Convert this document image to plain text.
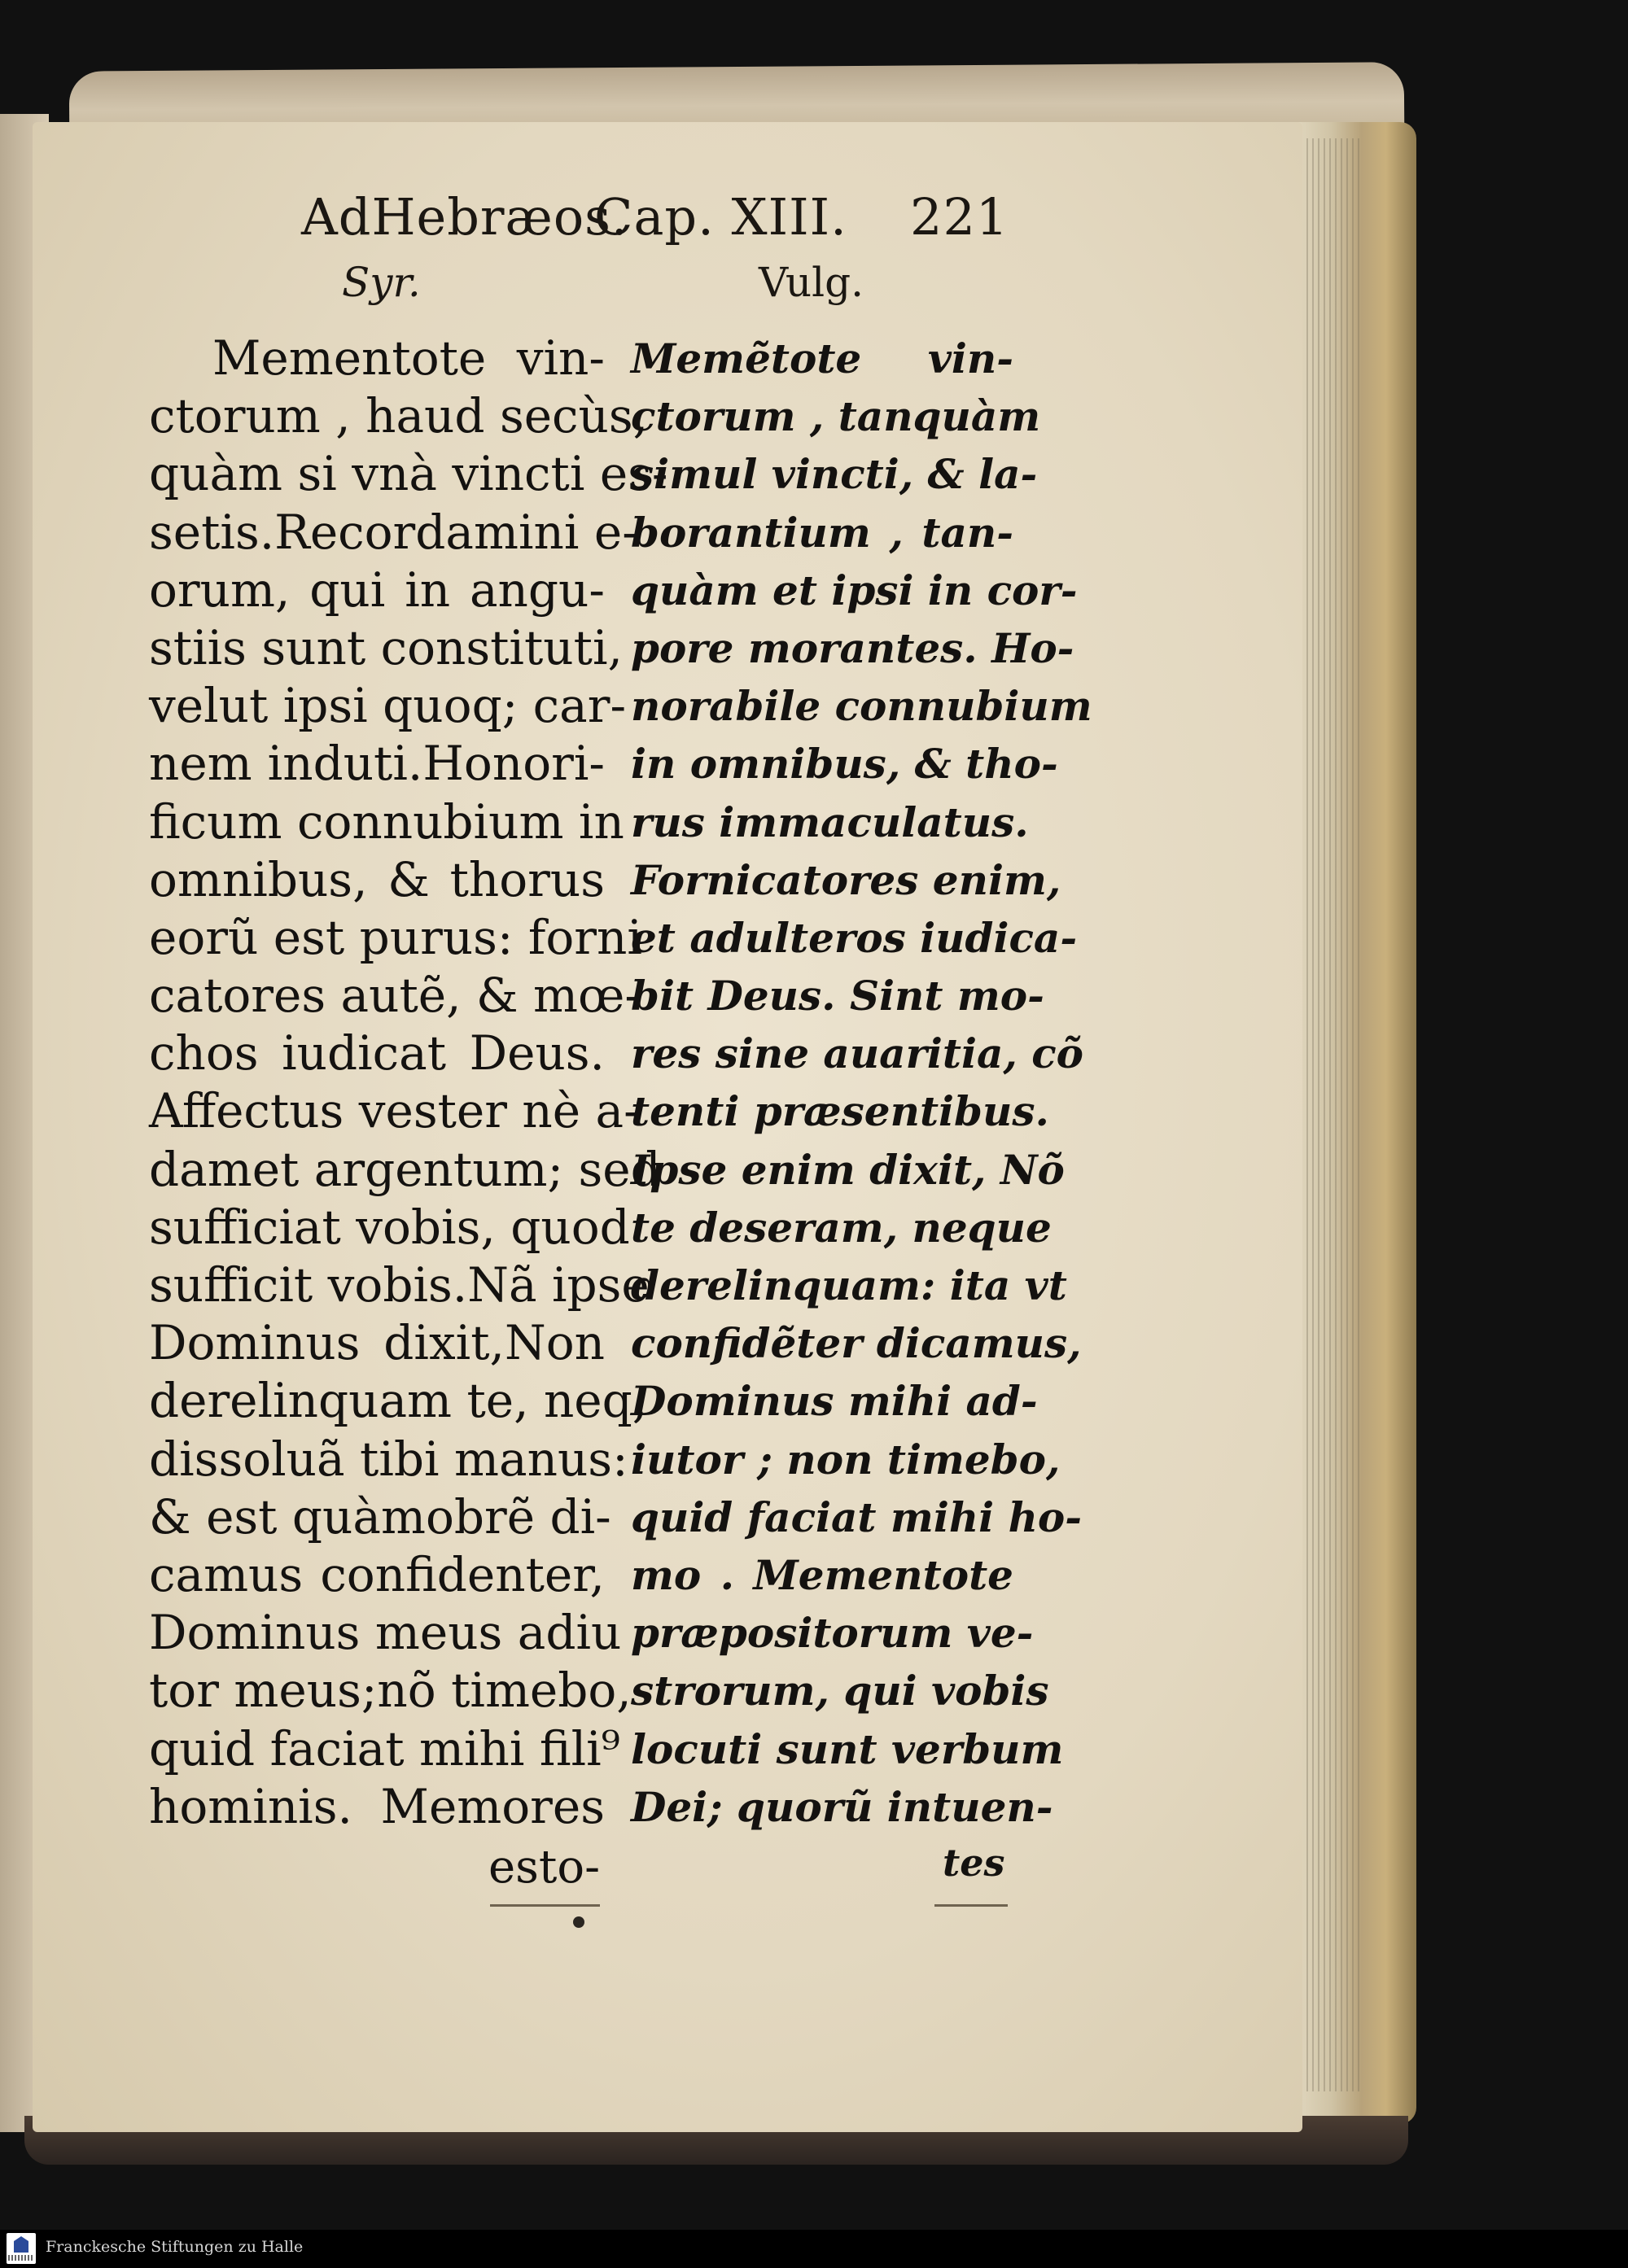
AdHebræos.
Cap. XIII. 221
Syr.	Vulg.
Mementote vin-
ctorum , haud secùs,
quàm si vnà vincti es-
setis.Recordamini e-
orum, qui in angu-
stiis sunt constituti,
velut ipsi quoq; car-
nem induti.Honori-
ficum connubium in
omnibus, & thorus
eorũ est purus: forni
catores autẽ, & mœ-
chos iudicat Deus.
Affectus vester nè a-
damet argentum; sed
sufficiat vobis, quod
sufficit vobis.Nã ipse
Dominus dixit,Non
derelinquam te, neq;
dissoluã tibi manus:
& est quàmobrẽ di-
camus confidenter,
Dominus meus adiu
tor meus;nõ timebo,
quid faciat mihi fili⁹
hominis. Memores
Memẽtote vin-
ctorum , tanquàm
simul vincti, & la-
borantium , tan-
quàm et ipsi in cor-
pore morantes. Ho-
norabile connubium
in omnibus, & tho-
rus immaculatus.
Fornicatores enim,
et adulteros iudica-
bit Deus. Sint mo-
res sine auaritia, cõ
tenti præsentibus.
Ipse enim dixit, Nõ
te deseram, neque
derelinquam: ita vt
confidẽter dicamus,
Dominus mihi ad-
iutor ; non timebo,
quid faciat mihi ho-
mo . Mementote
præpositorum ve-
strorum, qui vobis
locuti sunt verbum
Dei; quorũ intuen-
esto-	tes
Franckesche Stiftungen zu Halle
